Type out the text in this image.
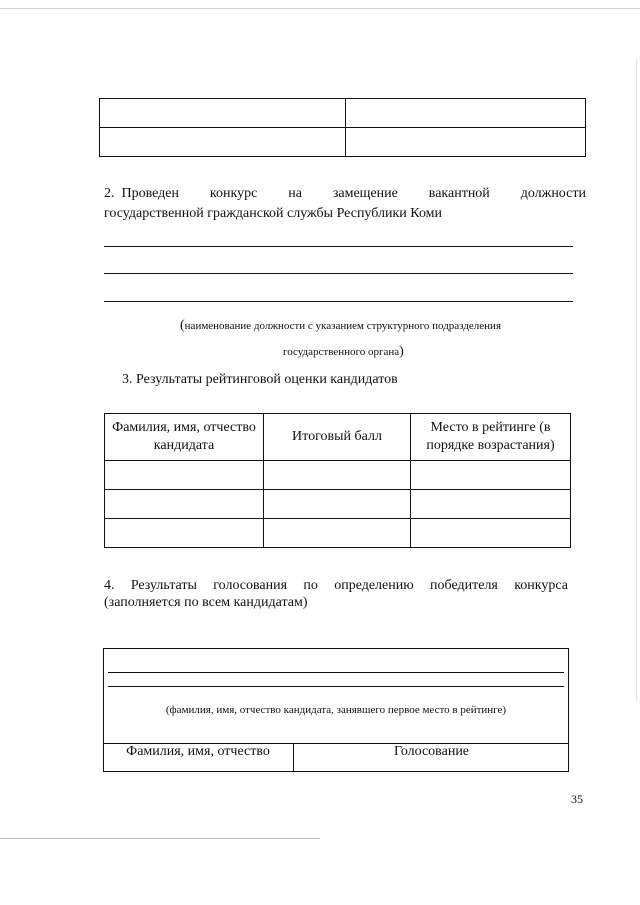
2. Проведен конкурс на замещение вакантной должности
государственной гражданской службы Республики Коми
(наименование должности с указанием структурного подразделения
государственного органа)
3. Результаты рейтинговой оценки кандидатов
Фамилия, имя, отчество кандидата	Итоговый балл	Место в рейтинге (в порядке возрастания)

4. Результаты голосования по определению победителя конкурса
(заполняется по всем кандидатам)
(фамилия, имя, отчество кандидата, занявшего первое место в рейтинге)
Фамилия, имя, отчество	Голосование
35
